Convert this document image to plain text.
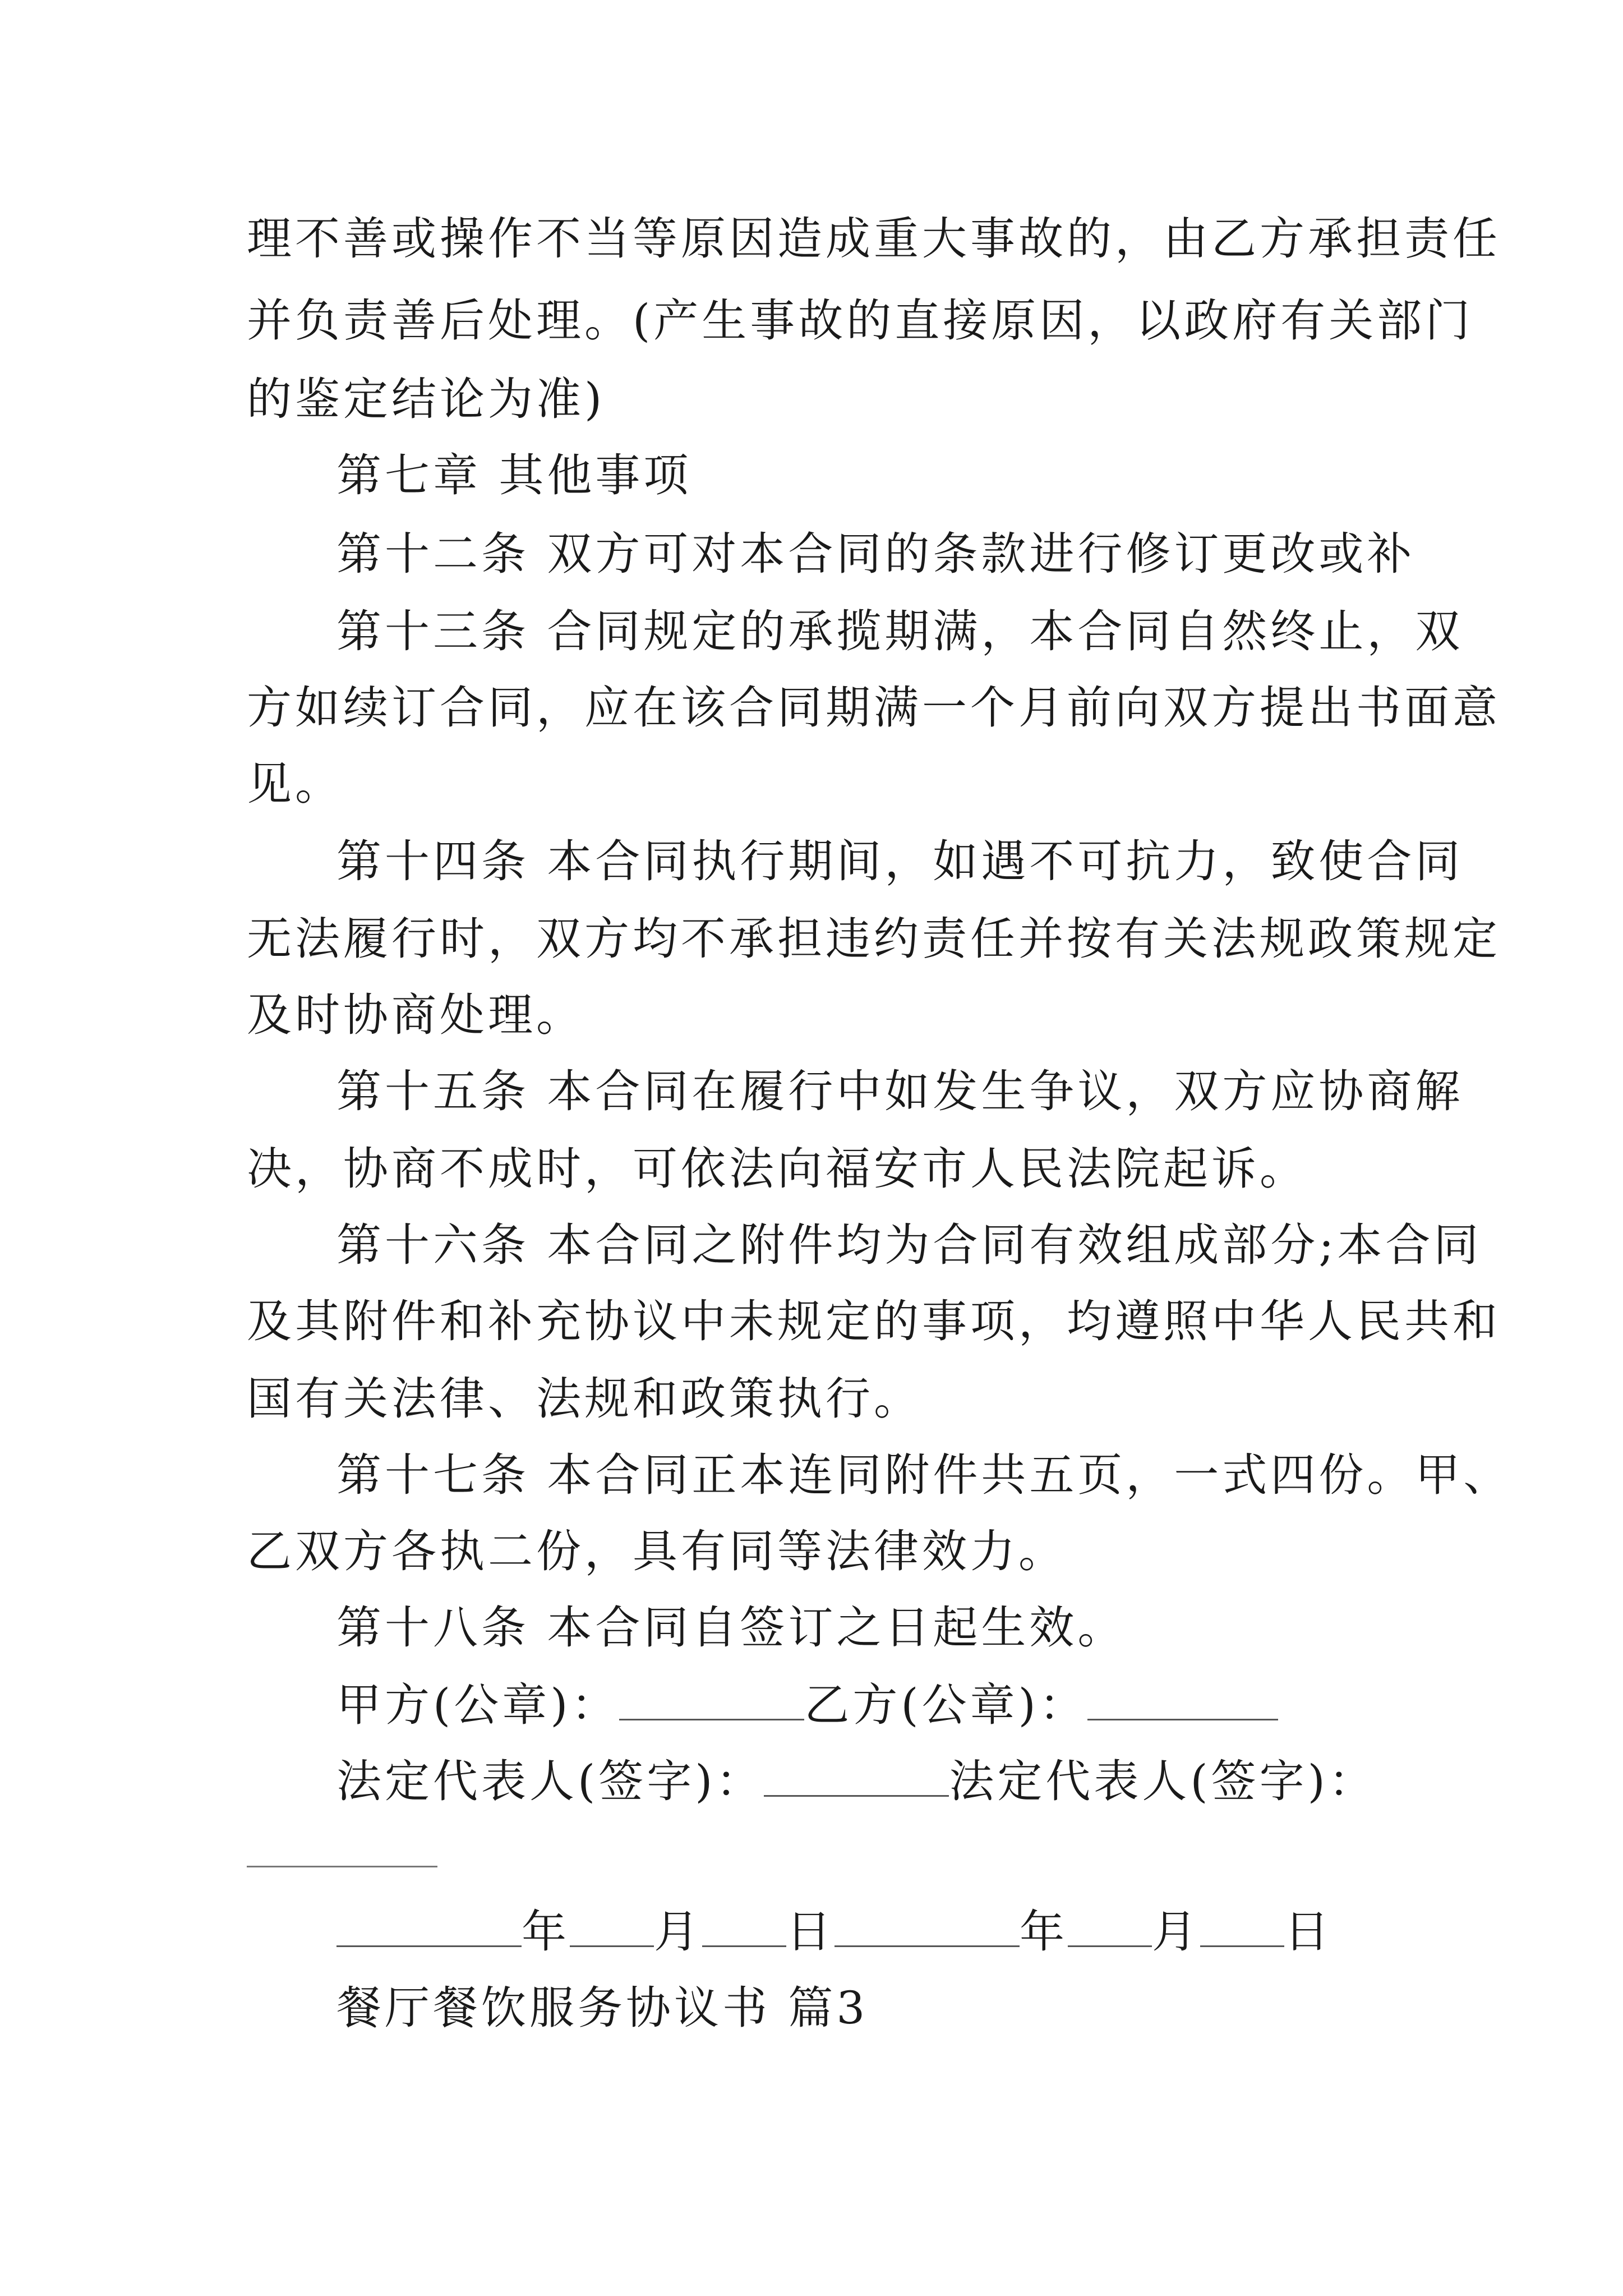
理不善或操作不当等原因造成重大事故的，由乙方承担责任
并负责善后处理。(产生事故的直接原因，以政府有关部门
的鉴定结论为准)
第七章 其他事项
第十二条 双方可对本合同的条款进行修订更改或补
第十三条 合同规定的承揽期满，本合同自然终止，双
方如续订合同，应在该合同期满一个月前向双方提出书面意
见。
第十四条 本合同执行期间，如遇不可抗力，致使合同
无法履行时，双方均不承担违约责任并按有关法规政策规定
及时协商处理。
第十五条 本合同在履行中如发生争议，双方应协商解
决，协商不成时，可依法向福安市人民法院起诉。
第十六条 本合同之附件均为合同有效组成部分;本合同
及其附件和补充协议中未规定的事项，均遵照中华人民共和
国有关法律、法规和政策执行。
第十七条 本合同正本连同附件共五页，一式四份。甲、
乙双方各执二份，具有同等法律效力。
第十八条 本合同自签订之日起生效。
甲方(公章)：	乙方(公章)：
法定代表人(签字)：	法定代表人(签字)：
年 月 日	年 月 日
餐厅餐饮服务协议书 篇3
